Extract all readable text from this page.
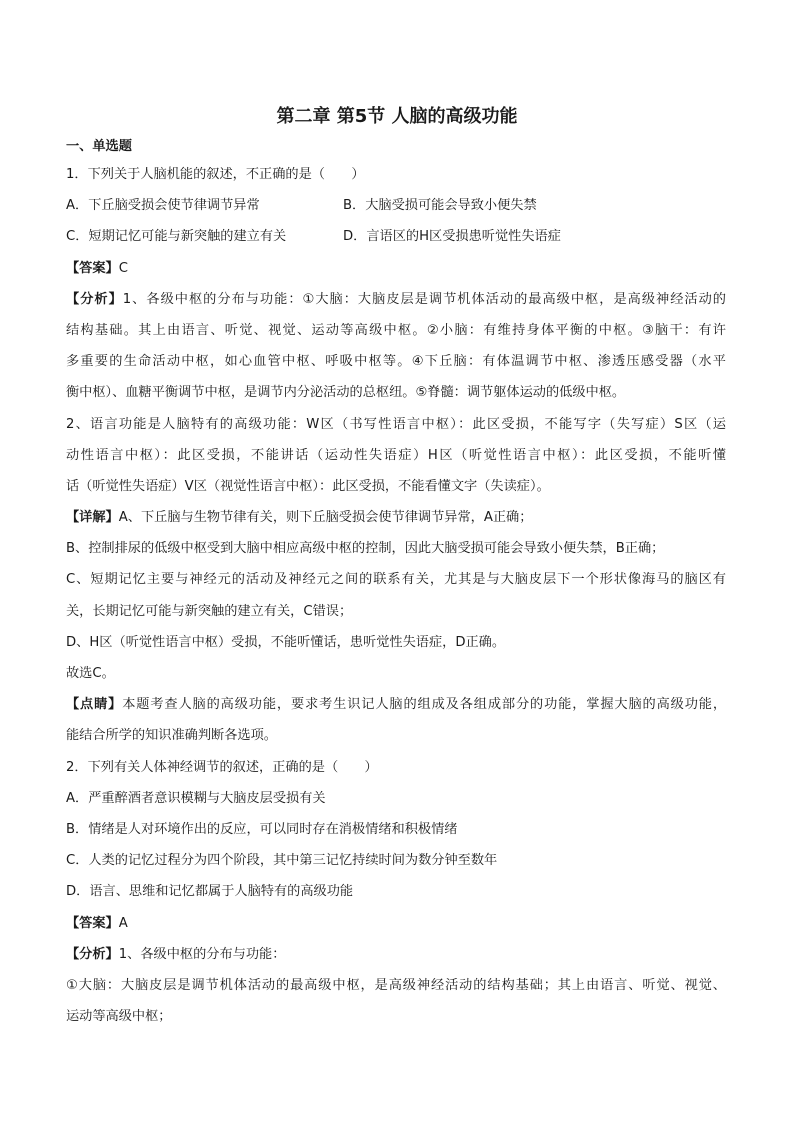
第二章 第5节 人脑的高级功能
一、单选题
1．下列关于人脑机能的叙述，不正确的是（　　）
A．下丘脑受损会使节律调节异常	B．大脑受损可能会导致小便失禁
C．短期记忆可能与新突触的建立有关	D．言语区的H区受损患听觉性失语症
【答案】C
【分析】1、各级中枢的分布与功能：①大脑：大脑皮层是调节机体活动的最高级中枢，是高级神经活动的
结构基础。其上由语言、听觉、视觉、运动等高级中枢。②小脑：有维持身体平衡的中枢。③脑干：有许
多重要的生命活动中枢，如心血管中枢、呼吸中枢等。④下丘脑：有体温调节中枢、渗透压感受器（水平
衡中枢）、血糖平衡调节中枢，是调节内分泌活动的总枢纽。⑤脊髓：调节躯体运动的低级中枢。
2、语言功能是人脑特有的高级功能：W区（书写性语言中枢）：此区受损，不能写字（失写症）S区（运
动性语言中枢）：此区受损，不能讲话（运动性失语症）H区（听觉性语言中枢）：此区受损，不能听懂
话（听觉性失语症）V区（视觉性语言中枢）：此区受损，不能看懂文字（失读症）。
【详解】A、下丘脑与生物节律有关，则下丘脑受损会使节律调节异常，A正确；
B、控制排尿的低级中枢受到大脑中相应高级中枢的控制，因此大脑受损可能会导致小便失禁，B正确；
C、短期记忆主要与神经元的活动及神经元之间的联系有关，尤其是与大脑皮层下一个形状像海马的脑区有
关，长期记忆可能与新突触的建立有关，C错误；
D、H区（听觉性语言中枢）受损，不能听懂话，患听觉性失语症，D正确。
故选C。
【点睛】本题考查人脑的高级功能，要求考生识记人脑的组成及各组成部分的功能，掌握大脑的高级功能，
能结合所学的知识准确判断各选项。
2．下列有关人体神经调节的叙述，正确的是（　　）
A．严重醉酒者意识模糊与大脑皮层受损有关
B．情绪是人对环境作出的反应，可以同时存在消极情绪和积极情绪
C．人类的记忆过程分为四个阶段，其中第三记忆持续时间为数分钟至数年
D．语言、思维和记忆都属于人脑特有的高级功能
【答案】A
【分析】1、各级中枢的分布与功能：
①大脑：大脑皮层是调节机体活动的最高级中枢，是高级神经活动的结构基础；其上由语言、听觉、视觉、
运动等高级中枢；
